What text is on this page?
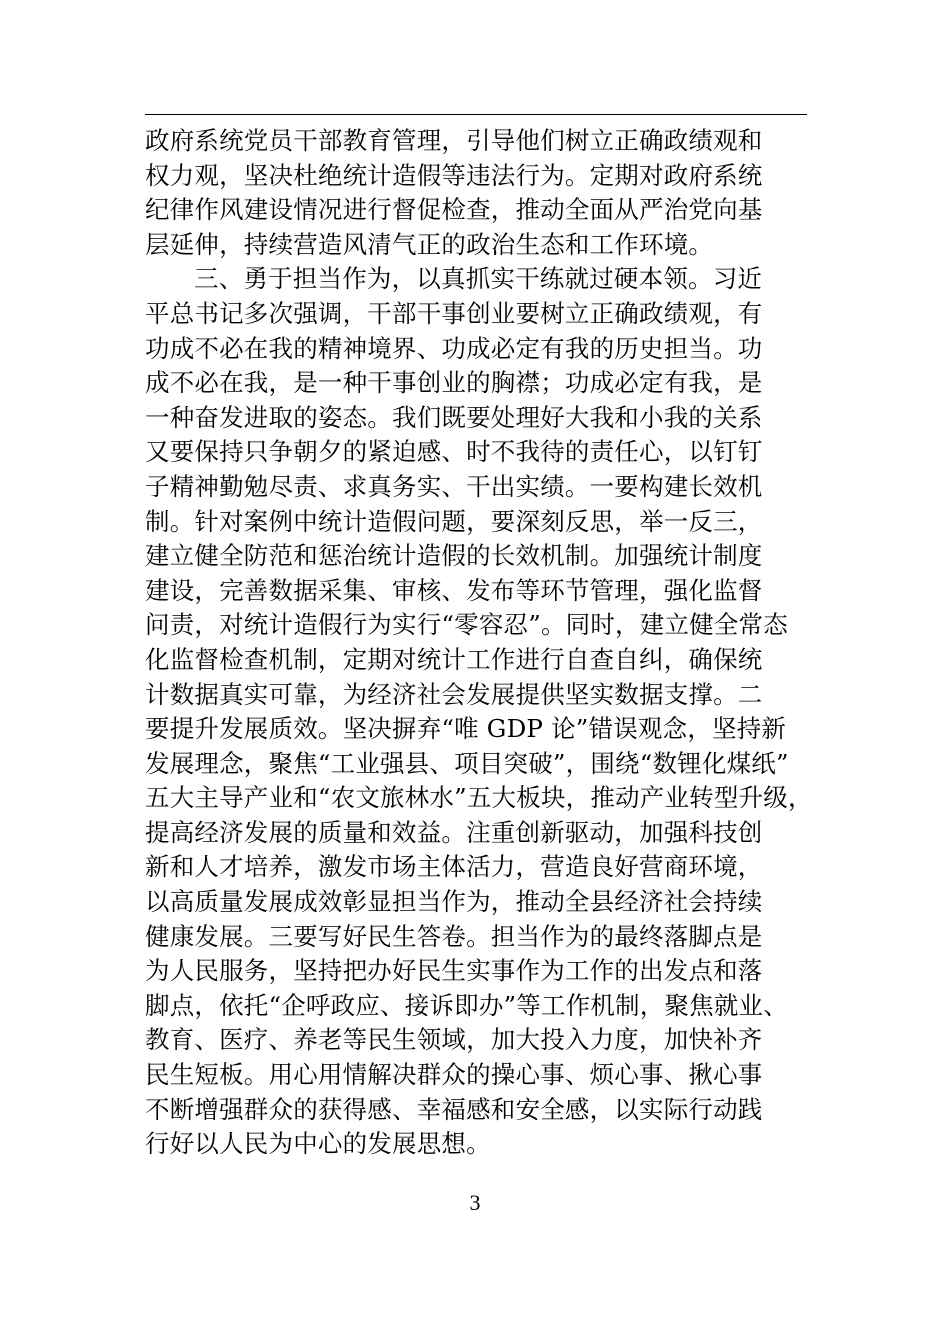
政府系统党员干部教育管理，引导他们树立正确政绩观和
权力观，坚决杜绝统计造假等违法行为。定期对政府系统
纪律作风建设情况进行督促检查，推动全面从严治党向基
层延伸，持续营造风清气正的政治生态和工作环境。
三、勇于担当作为，以真抓实干练就过硬本领。习近
平总书记多次强调，干部干事创业要树立正确政绩观，有
功成不必在我的精神境界、功成必定有我的历史担当。功
成不必在我，是一种干事创业的胸襟；功成必定有我，是
一种奋发进取的姿态。我们既要处理好大我和小我的关系
又要保持只争朝夕的紧迫感、时不我待的责任心，以钉钉
子精神勤勉尽责、求真务实、干出实绩。一要构建长效机
制。针对案例中统计造假问题，要深刻反思，举一反三，
建立健全防范和惩治统计造假的长效机制。加强统计制度
建设，完善数据采集、审核、发布等环节管理，强化监督
问责，对统计造假行为实行“零容忍”。同时，建立健全常态
化监督检查机制，定期对统计工作进行自查自纠，确保统
计数据真实可靠，为经济社会发展提供坚实数据支撑。二
要提升发展质效。坚决摒弃“唯 GDP 论”错误观念，坚持新
发展理念，聚焦“工业强县、项目突破”，围绕“数锂化煤纸”
五大主导产业和“农文旅林水”五大板块，推动产业转型升级，
提高经济发展的质量和效益。注重创新驱动，加强科技创
新和人才培养，激发市场主体活力，营造良好营商环境，
以高质量发展成效彰显担当作为，推动全县经济社会持续
健康发展。三要写好民生答卷。担当作为的最终落脚点是
为人民服务，坚持把办好民生实事作为工作的出发点和落
脚点，依托“企呼政应、接诉即办”等工作机制，聚焦就业、
教育、医疗、养老等民生领域，加大投入力度，加快补齐
民生短板。用心用情解决群众的操心事、烦心事、揪心事
不断增强群众的获得感、幸福感和安全感，以实际行动践
行好以人民为中心的发展思想。
3
